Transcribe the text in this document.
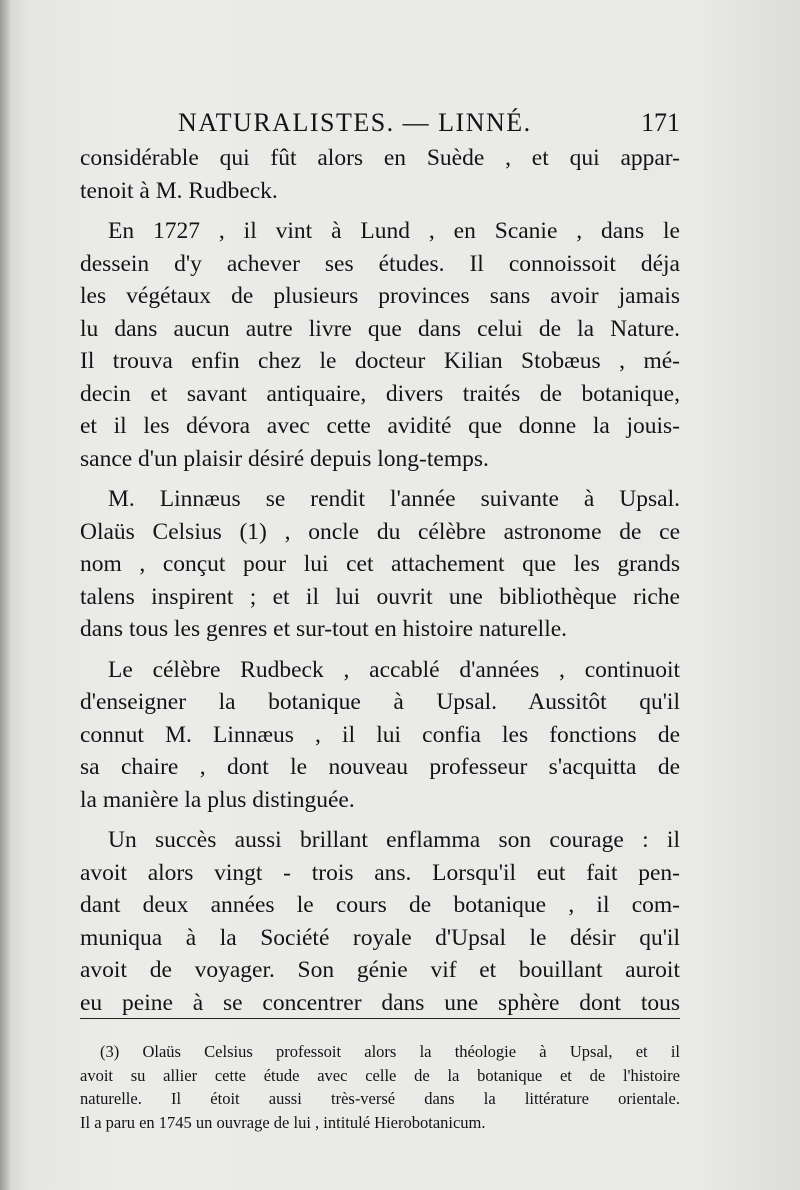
NATURALISTES. — LINNÉ.	171
considérable qui fût alors en Suède , et qui appar-
tenoit à M. Rudbeck.
En 1727 , il vint à Lund , en Scanie , dans le
dessein d'y achever ses études. Il connoissoit déja
les végétaux de plusieurs provinces sans avoir jamais
lu dans aucun autre livre que dans celui de la Nature.
Il trouva enfin chez le docteur Kilian Stobæus , mé-
decin et savant antiquaire, divers traités de botanique,
et il les dévora avec cette avidité que donne la jouis-
sance d'un plaisir désiré depuis long-temps.
M. Linnæus se rendit l'année suivante à Upsal.
Olaüs Celsius (1) , oncle du célèbre astronome de ce
nom , conçut pour lui cet attachement que les grands
talens inspirent ; et il lui ouvrit une bibliothèque riche
dans tous les genres et sur-tout en histoire naturelle.
Le célèbre Rudbeck , accablé d'années , continuoit
d'enseigner la botanique à Upsal. Aussitôt qu'il
connut M. Linnæus , il lui confia les fonctions de
sa chaire , dont le nouveau professeur s'acquitta de
la manière la plus distinguée.
Un succès aussi brillant enflamma son courage : il
avoit alors vingt - trois ans. Lorsqu'il eut fait pen-
dant deux années le cours de botanique , il com-
muniqua à la Société royale d'Upsal le désir qu'il
avoit de voyager. Son génie vif et bouillant auroit
eu peine à se concentrer dans une sphère dont tous
(3) Olaüs Celsius professoit alors la théologie à Upsal, et il
avoit su allier cette étude avec celle de la botanique et de l'histoire
naturelle. Il étoit aussi très-versé dans la littérature orientale.
Il a paru en 1745 un ouvrage de lui , intitulé Hierobotanicum.
